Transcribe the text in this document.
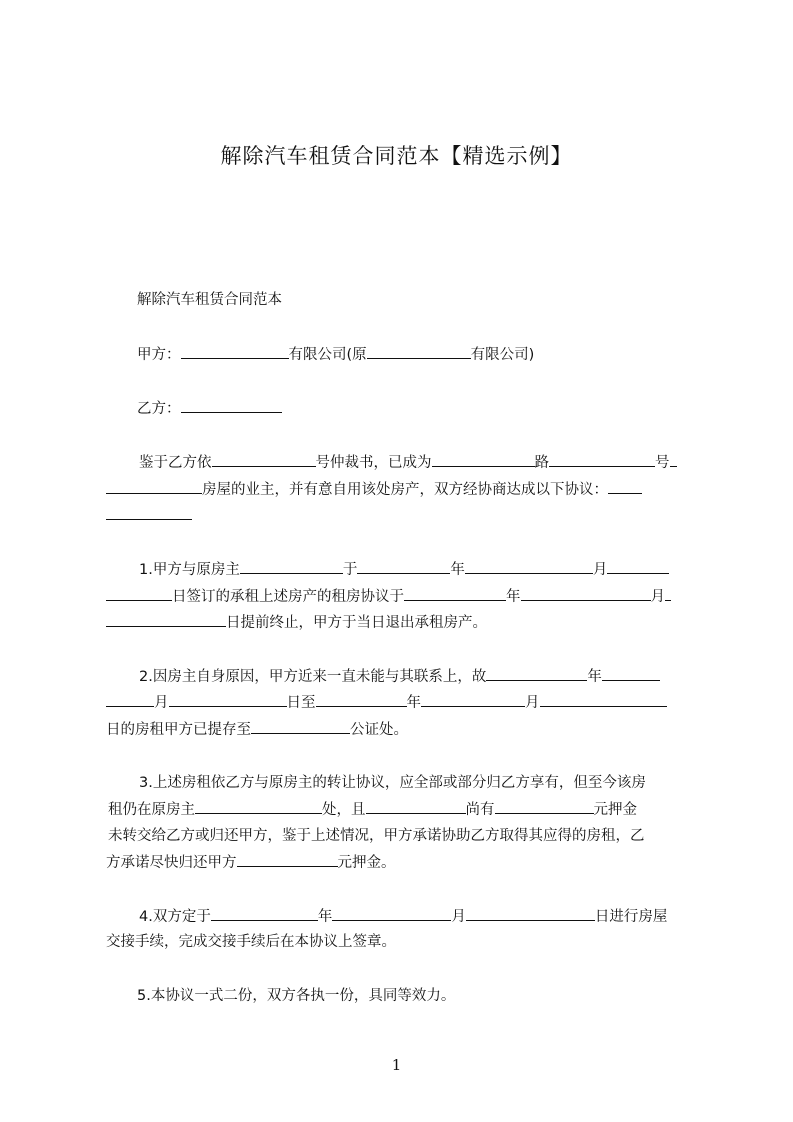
解除汽车租赁合同范本【精选示例】
解除汽车租赁合同范本
甲方：	有限公司(原	有限公司)
乙方：
鉴于乙方依	号仲裁书，已成为	路	号
房屋的业主，并有意自用该处房产，双方经协商达成以下协议：
1.甲方与原房主	于	年	月
日签订的承租上述房产的租房协议于	年	月
日提前终止，甲方于当日退出承租房产。
2.因房主自身原因，甲方近来一直未能与其联系上，故	年
月	日至	年	月
日的房租甲方已提存至	公证处。
3.上述房租依乙方与原房主的转让协议，应全部或部分归乙方享有，但至今该房
租仍在原房主	处，且	尚有	元押金
未转交给乙方或归还甲方，鉴于上述情况，甲方承诺协助乙方取得其应得的房租，乙
方承诺尽快归还甲方	元押金。
4.双方定于	年	月	日进行房屋
交接手续，完成交接手续后在本协议上签章。
5.本协议一式二份，双方各执一份，具同等效力。
1
